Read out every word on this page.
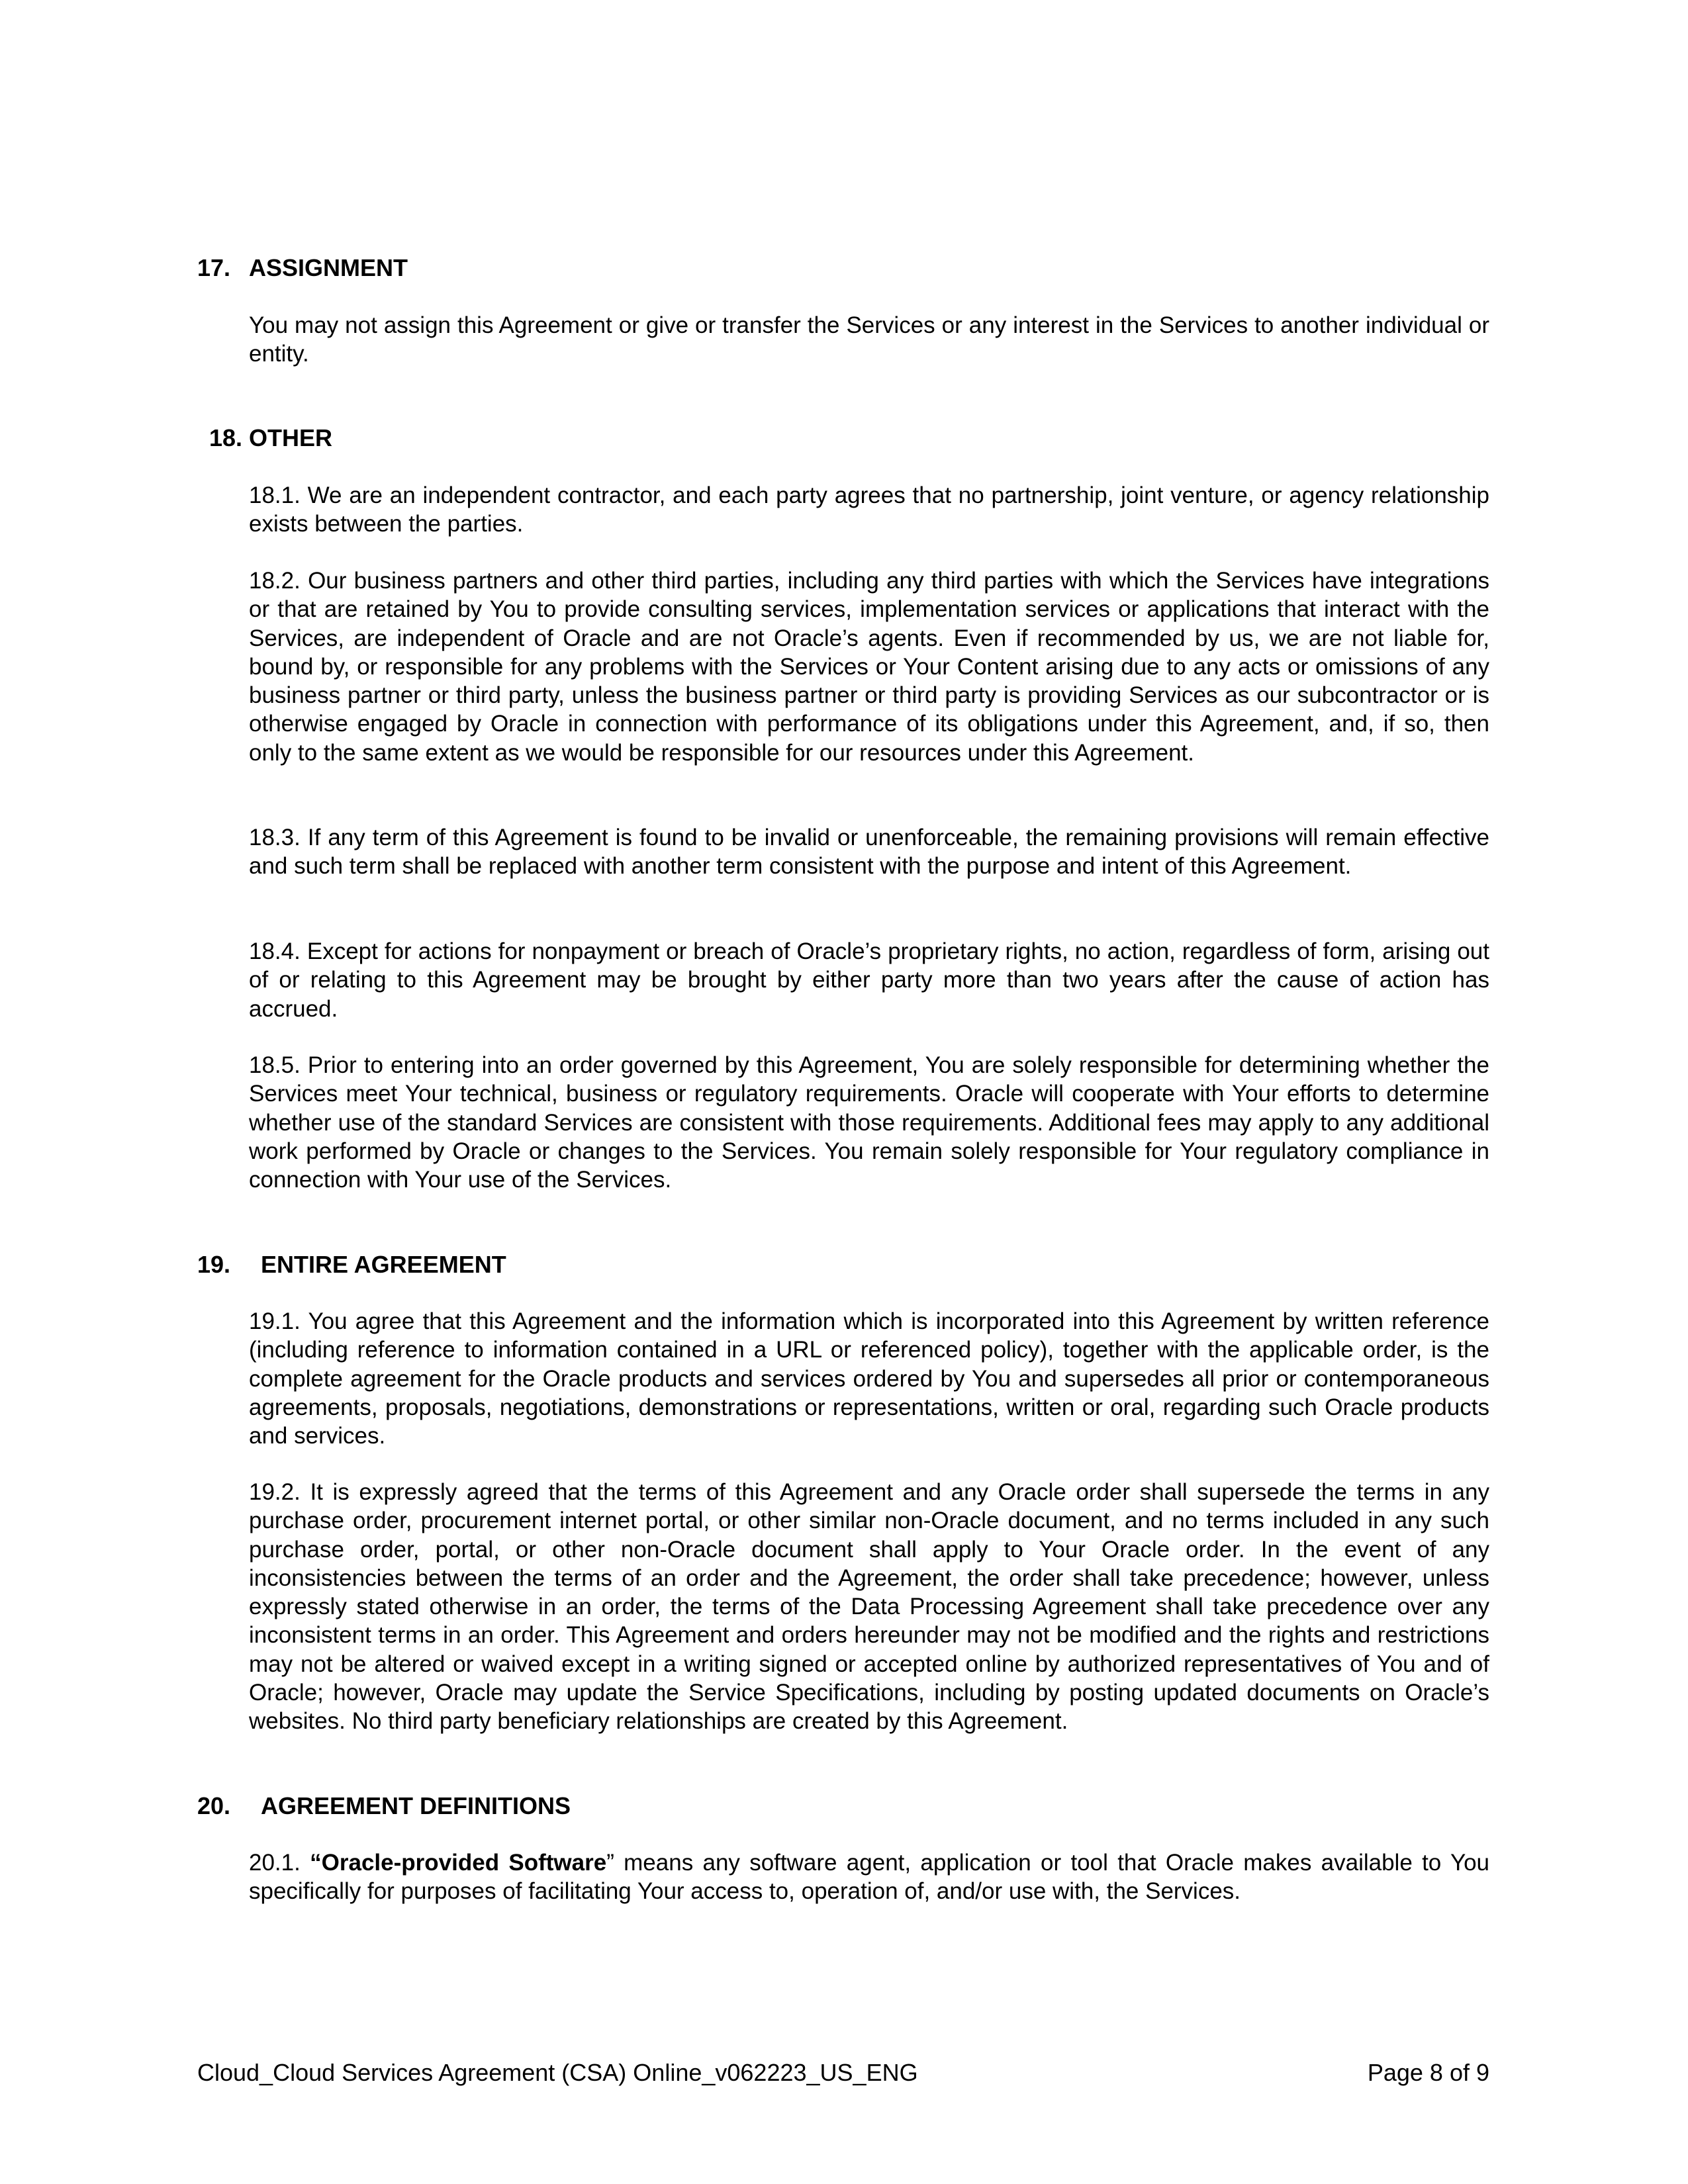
17. ASSIGNMENT

You may not assign this Agreement or give or transfer the Services or any interest in the Services to another individual or entity.

18. OTHER

18.1. We are an independent contractor, and each party agrees that no partnership, joint venture, or agency relationship exists between the parties.

18.2. Our business partners and other third parties, including any third parties with which the Services have integrations or that are retained by You to provide consulting services, implementation services or applications that interact with the Services, are independent of Oracle and are not Oracle’s agents. Even if recommended by us, we are not liable for, bound by, or responsible for any problems with the Services or Your Content arising due to any acts or omissions of any business partner or third party, unless the business partner or third party is providing Services as our subcontractor or is otherwise engaged by Oracle in connection with performance of its obligations under this Agreement, and, if so, then only to the same extent as we would be responsible for our resources under this Agreement.

18.3. If any term of this Agreement is found to be invalid or unenforceable, the remaining provisions will remain effective and such term shall be replaced with another term consistent with the purpose and intent of this Agreement.

18.4. Except for actions for nonpayment or breach of Oracle’s proprietary rights, no action, regardless of form, arising out of or relating to this Agreement may be brought by either party more than two years after the cause of action has accrued.

18.5. Prior to entering into an order governed by this Agreement, You are solely responsible for determining whether the Services meet Your technical, business or regulatory requirements. Oracle will cooperate with Your efforts to determine whether use of the standard Services are consistent with those requirements. Additional fees may apply to any additional work performed by Oracle or changes to the Services. You remain solely responsible for Your regulatory compliance in connection with Your use of the Services.

19. ENTIRE AGREEMENT

19.1. You agree that this Agreement and the information which is incorporated into this Agreement by written reference (including reference to information contained in a URL or referenced policy), together with the applicable order, is the complete agreement for the Oracle products and services ordered by You and supersedes all prior or contemporaneous agreements, proposals, negotiations, demonstrations or representations, written or oral, regarding such Oracle products and services.

19.2. It is expressly agreed that the terms of this Agreement and any Oracle order shall supersede the terms in any purchase order, procurement internet portal, or other similar non-Oracle document, and no terms included in any such purchase order, portal, or other non-Oracle document shall apply to Your Oracle order. In the event of any inconsistencies between the terms of an order and the Agreement, the order shall take precedence; however, unless expressly stated otherwise in an order, the terms of the Data Processing Agreement shall take precedence over any inconsistent terms in an order. This Agreement and orders hereunder may not be modified and the rights and restrictions may not be altered or waived except in a writing signed or accepted online by authorized representatives of You and of Oracle; however, Oracle may update the Service Specifications, including by posting updated documents on Oracle’s websites. No third party beneficiary relationships are created by this Agreement.

20. AGREEMENT DEFINITIONS

20.1. “Oracle-provided Software” means any software agent, application or tool that Oracle makes available to You specifically for purposes of facilitating Your access to, operation of, and/or use with, the Services.

Cloud_Cloud Services Agreement (CSA) Online_v062223_US_ENG	Page 8 of 9
